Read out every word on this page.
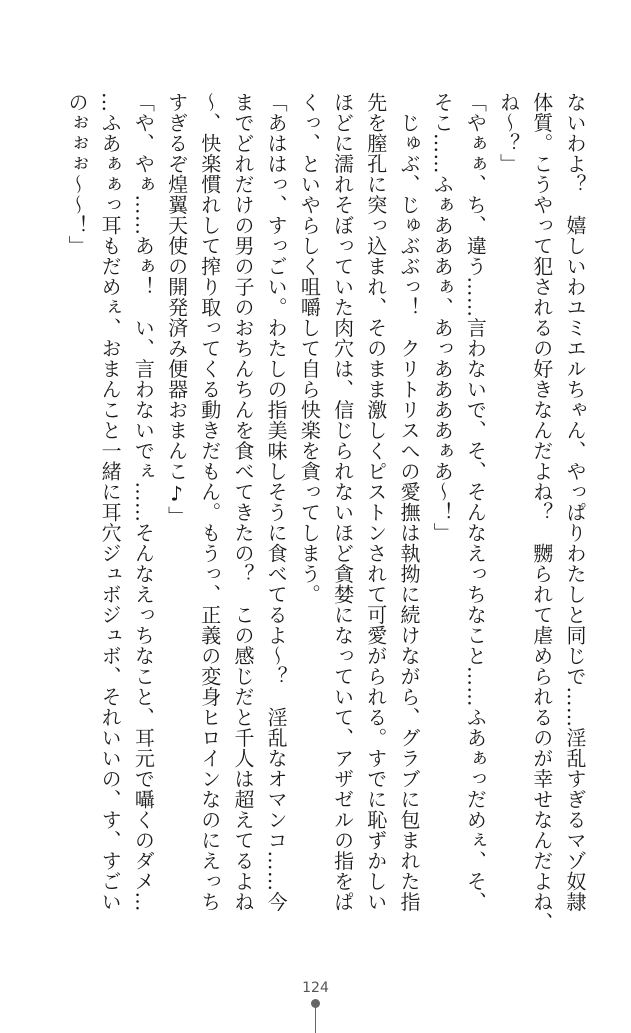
ないわよ？　嬉しいわユミエルちゃん、やっぱりわたしと同じで……淫乱すぎるマゾ奴隷
体質。こうやって犯されるの好きなんだよね？　嬲られて虐められるのが幸せなんだよね、
ね〜？」
「やぁぁ、ち、違う……言わないで、そ、そんなえっちなこと……ふあぁっだめぇ、そ、
そこ……ふぁあああぁ、あっああああぁあ〜！」
　じゅぶ、じゅぶぶっ！　クリトリスへの愛撫は執拗に続けながら、グラブに包まれた指
先を膣孔に突っ込まれ、そのまま激しくピストンされて可愛がられる。すでに恥ずかしい
ほどに濡れそぼっていた肉穴は、信じられないほど貪婪になっていて、アザゼルの指をぱ
くっ、といやらしく咀嚼して自ら快楽を貪ってしまう。
「あははっ、すっごい。わたしの指美味しそうに食べてるよ〜？　淫乱なオマンコ……今
までどれだけの男の子のおちんちんを食べてきたの？　この感じだと千人は超えてるよね
〜、快楽慣れして搾り取ってくる動きだもん。もうっ、正義の変身ヒロインなのにえっち
すぎるぞ煌翼天使の開発済み便器おまんこ♪」
「や、やぁ……あぁ！　い、言わないでぇ……そんなえっちなこと、耳元で囁くのダメ…
…ふあぁぁっ耳もだめぇ、おまんこと一緒に耳穴ジュボジュボ、それいいの、す、すごい
のぉぉぉ〜〜！」
124
